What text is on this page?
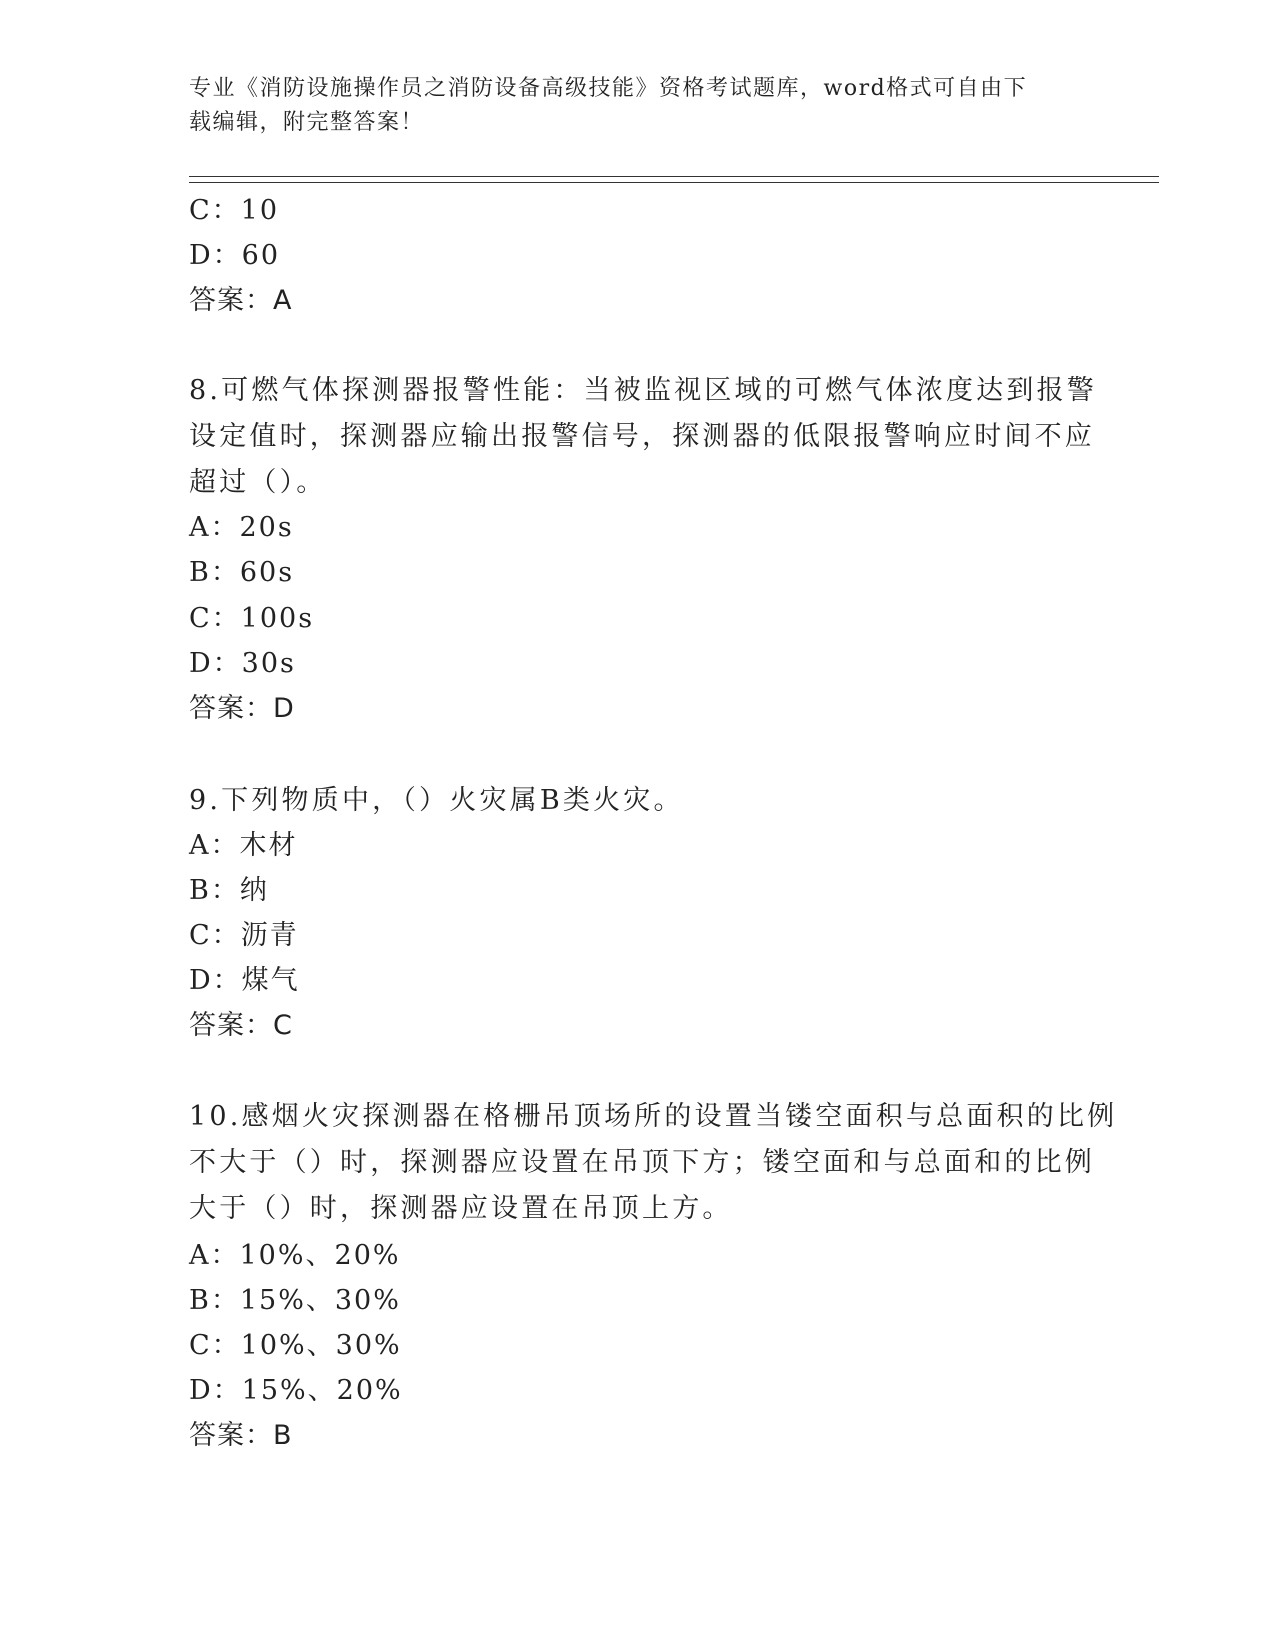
专业《消防设施操作员之消防设备高级技能》资格考试题库，word格式可自由下
载编辑，附完整答案！
C：10
D：60
答案：A
8.可燃气体探测器报警性能：当被监视区域的可燃气体浓度达到报警
设定值时，探测器应输出报警信号，探测器的低限报警响应时间不应
超过（）。
A：20s
B：60s
C：100s
D：30s
答案：D
9.下列物质中，（）火灾属B类火灾。
A：木材
B：纳
C：沥青
D：煤气
答案：C
10.感烟火灾探测器在格栅吊顶场所的设置当镂空面积与总面积的比例
不大于（）时，探测器应设置在吊顶下方；镂空面和与总面和的比例
大于（）时，探测器应设置在吊顶上方。
A：10%、20%
B：15%、30%
C：10%、30%
D：15%、20%
答案：B
